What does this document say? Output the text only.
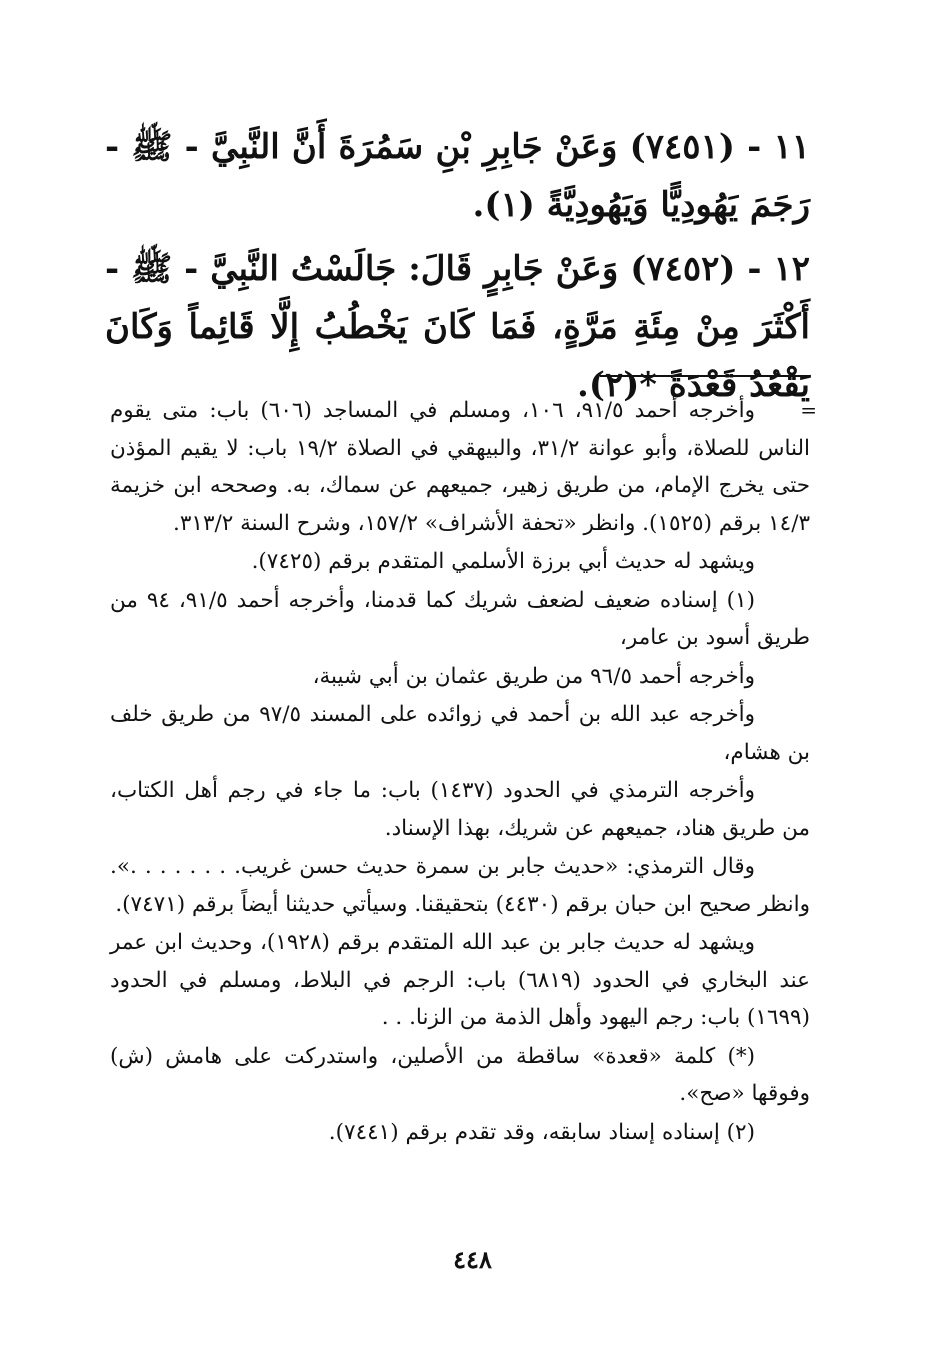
١١ - (٧٤٥١) وَعَنْ جَابِرِ بْنِ سَمُرَةَ أَنَّ النَّبِيَّ - ﷺ - رَجَمَ يَهُودِيًّا وَيَهُودِيَّةً (١).

١٢ - (٧٤٥٢) وَعَنْ جَابِرٍ قَالَ: جَالَسْتُ النَّبِيَّ - ﷺ - أَكْثَرَ مِنْ مِئَةِ مَرَّةٍ، فَمَا كَانَ يَخْطُبُ إِلَّا قَائِماً وَكَانَ يَقْعُدُ قَعْدَةً *(٢).

=

وأخرجه أحمد ٩١/٥، ١٠٦، ومسلم في المساجد (٦٠٦) باب: متى يقوم الناس للصلاة، وأبو عوانة ٣١/٢، والبيهقي في الصلاة ١٩/٢ باب: لا يقيم المؤذن حتى يخرج الإمام، من طريق زهير، جميعهم عن سماك، به. وصححه ابن خزيمة ١٤/٣ برقم (١٥٢٥). وانظر «تحفة الأشراف» ١٥٧/٢، وشرح السنة ٣١٣/٢.

ويشهد له حديث أبي برزة الأسلمي المتقدم برقم (٧٤٢٥).

(١) إسناده ضعيف لضعف شريك كما قدمنا، وأخرجه أحمد ٩١/٥، ٩٤ من طريق أسود بن عامر،

وأخرجه أحمد ٩٦/٥ من طريق عثمان بن أبي شيبة،

وأخرجه عبد الله بن أحمد في زوائده على المسند ٩٧/٥ من طريق خلف بن هشام،

وأخرجه الترمذي في الحدود (١٤٣٧) باب: ما جاء في رجم أهل الكتاب، من طريق هناد، جميعهم عن شريك، بهذا الإسناد.

وقال الترمذي: «حديث جابر بن سمرة حديث حسن غريب. . . . . . . .». وانظر صحيح ابن حبان برقم (٤٤٣٠) بتحقيقنا. وسيأتي حديثنا أيضاً برقم (٧٤٧١).

ويشهد له حديث جابر بن عبد الله المتقدم برقم (١٩٢٨)، وحديث ابن عمر عند البخاري في الحدود (٦٨١٩) باب: الرجم في البلاط، ومسلم في الحدود (١٦٩٩) باب: رجم اليهود وأهل الذمة من الزنا. . .

(*) كلمة «قعدة» ساقطة من الأصلين، واستدركت على هامش (ش) وفوقها «صح».

(٢) إسناده إسناد سابقه، وقد تقدم برقم (٧٤٤١).

٤٤٨
